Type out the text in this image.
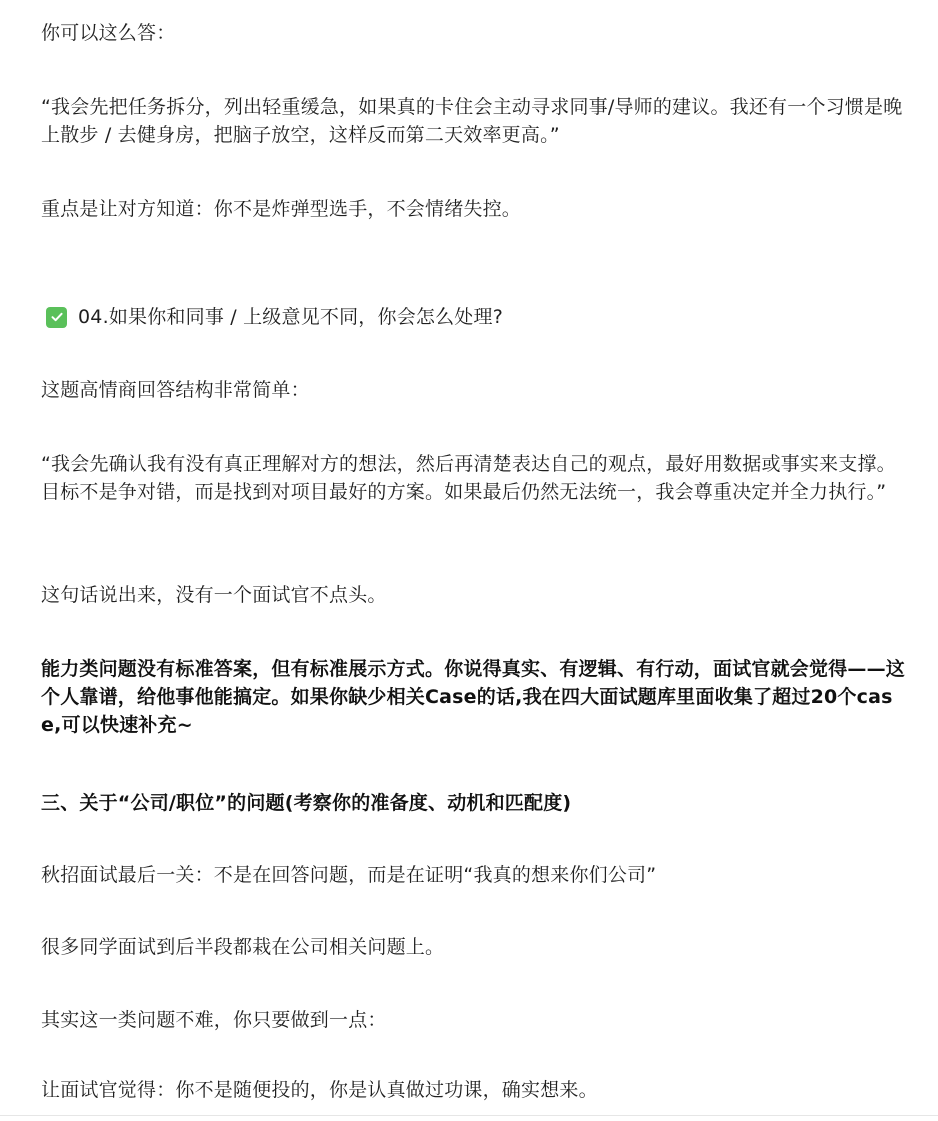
你可以这么答：

“我会先把任务拆分，列出轻重缓急，如果真的卡住会主动寻求同事/导师的建议。我还有一个习惯是晚上散步 / 去健身房，把脑子放空，这样反而第二天效率更高。”

重点是让对方知道：你不是炸弹型选手，不会情绪失控。

04.如果你和同事 / 上级意见不同，你会怎么处理?

这题高情商回答结构非常简单：

“我会先确认我有没有真正理解对方的想法，然后再清楚表达自己的观点，最好用数据或事实来支撑。目标不是争对错，而是找到对项目最好的方案。如果最后仍然无法统一，我会尊重决定并全力执行。”

这句话说出来，没有一个面试官不点头。

能力类问题没有标准答案，但有标准展示方式。你说得真实、有逻辑、有行动，面试官就会觉得——这个人靠谱，给他事他能搞定。如果你缺少相关Case的话,我在四大面试题库里面收集了超过20个case,可以快速补充~

三、关于“公司/职位”的问题(考察你的准备度、动机和匹配度)

秋招面试最后一关：不是在回答问题，而是在证明“我真的想来你们公司”

很多同学面试到后半段都栽在公司相关问题上。

其实这一类问题不难，你只要做到一点：

让面试官觉得：你不是随便投的，你是认真做过功课，确实想来。
